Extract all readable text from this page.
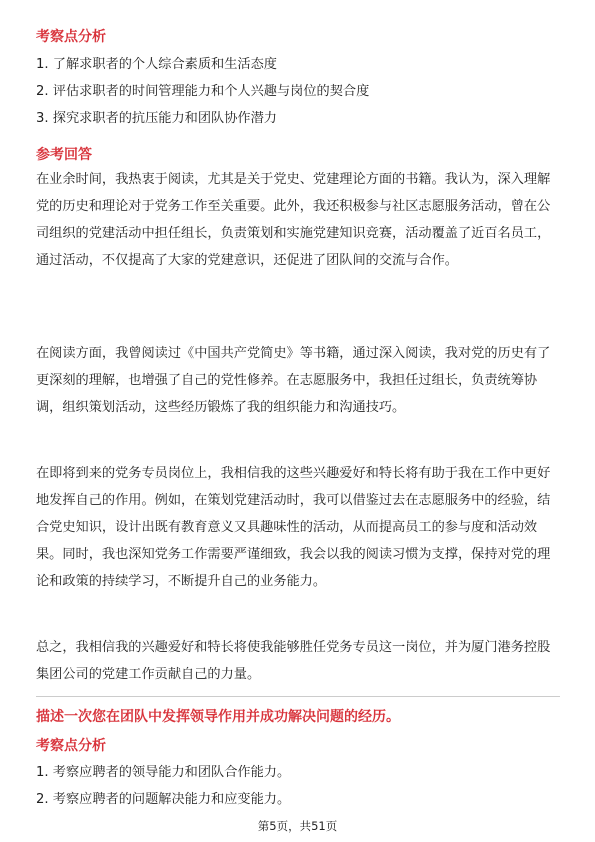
考察点分析
1. 了解求职者的个人综合素质和生活态度
2. 评估求职者的时间管理能力和个人兴趣与岗位的契合度
3. 探究求职者的抗压能力和团队协作潜力
参考回答

在业余时间，我热衷于阅读，尤其是关于党史、党建理论方面的书籍。我认为，深入理解党的历史和理论对于党务工作至关重要。此外，我还积极参与社区志愿服务活动，曾在公司组织的党建活动中担任组长，负责策划和实施党建知识竞赛，活动覆盖了近百名员工，通过活动，不仅提高了大家的党建意识，还促进了团队间的交流与合作。

在阅读方面，我曾阅读过《中国共产党简史》等书籍，通过深入阅读，我对党的历史有了更深刻的理解，也增强了自己的党性修养。在志愿服务中，我担任过组长，负责统筹协调，组织策划活动，这些经历锻炼了我的组织能力和沟通技巧。

在即将到来的党务专员岗位上，我相信我的这些兴趣爱好和特长将有助于我在工作中更好地发挥自己的作用。例如，在策划党建活动时，我可以借鉴过去在志愿服务中的经验，结合党史知识，设计出既有教育意义又具趣味性的活动，从而提高员工的参与度和活动效果。同时，我也深知党务工作需要严谨细致，我会以我的阅读习惯为支撑，保持对党的理论和政策的持续学习，不断提升自己的业务能力。

总之，我相信我的兴趣爱好和特长将使我能够胜任党务专员这一岗位，并为厦门港务控股集团公司的党建工作贡献自己的力量。

描述一次您在团队中发挥领导作用并成功解决问题的经历。
考察点分析
1. 考察应聘者的领导能力和团队合作能力。
2. 考察应聘者的问题解决能力和应变能力。
第5页，共51页
